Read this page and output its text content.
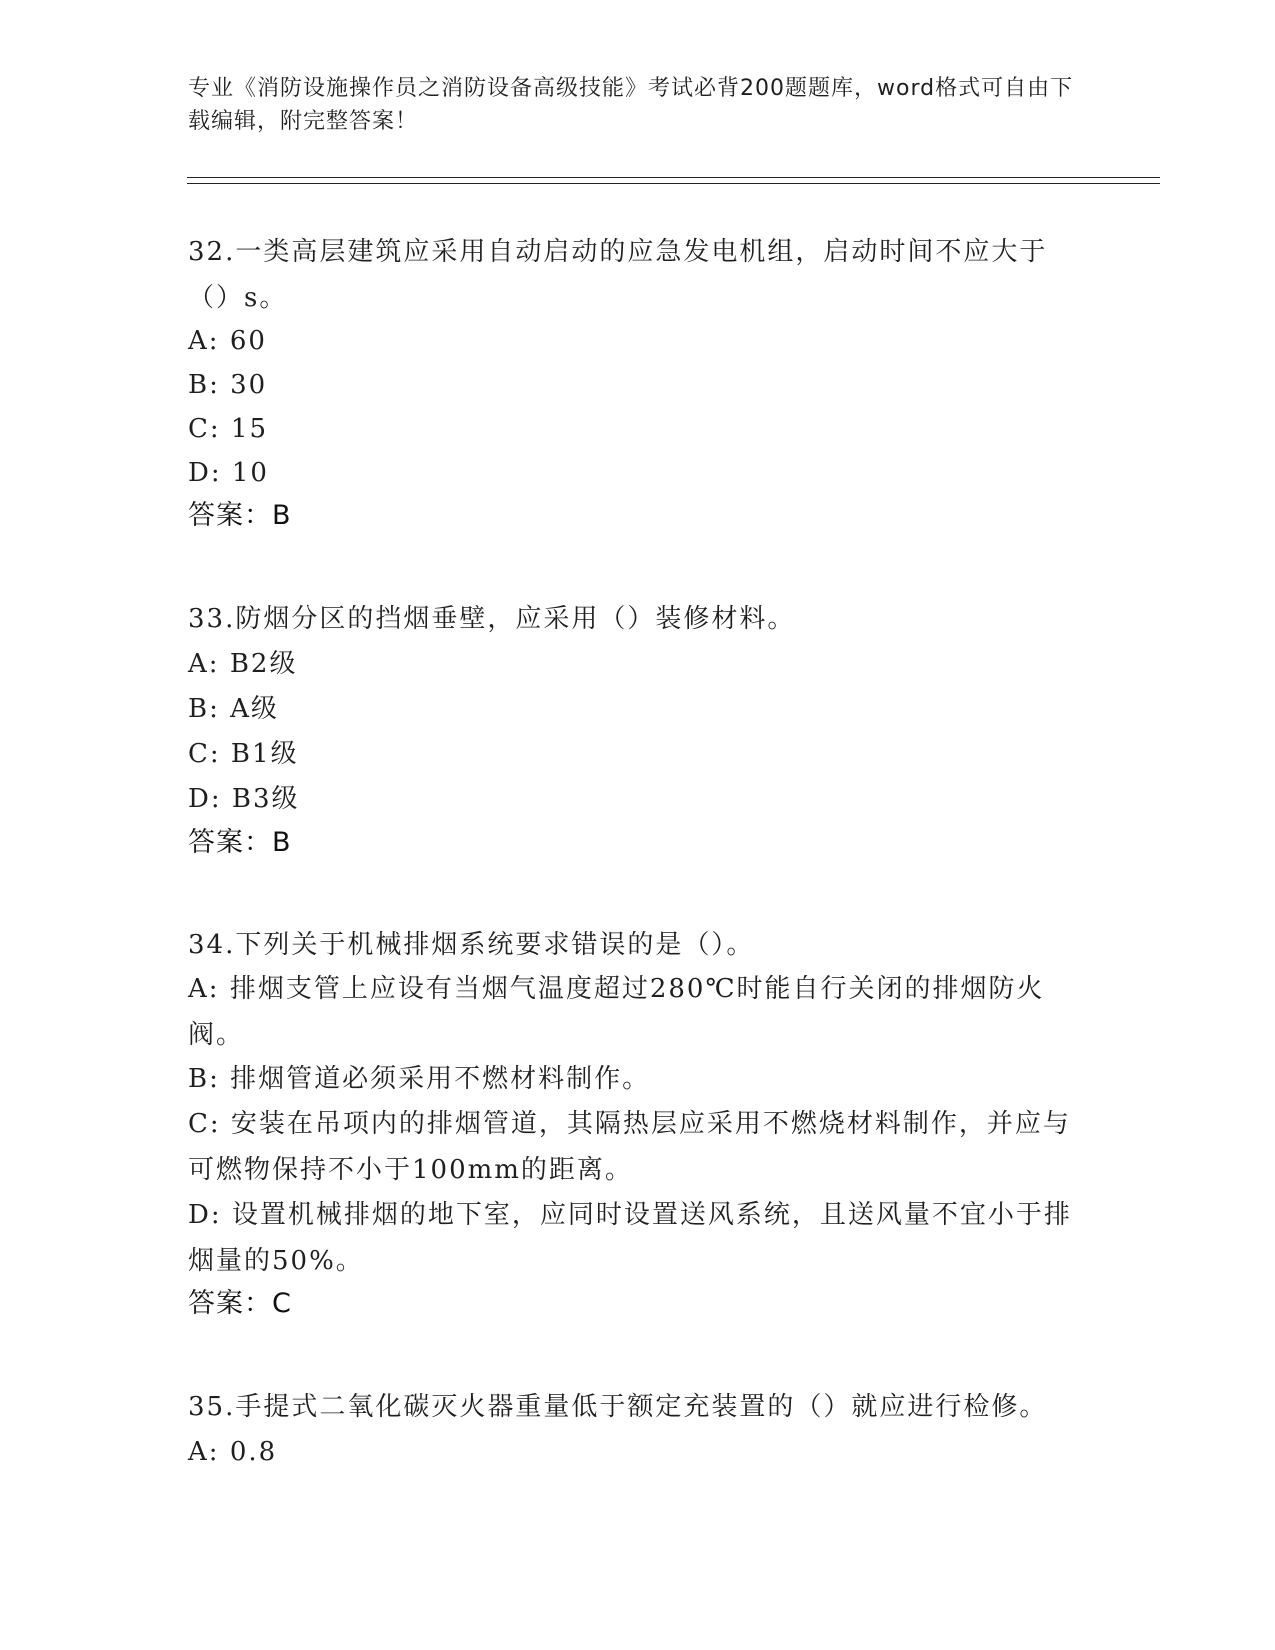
专业《消防设施操作员之消防设备高级技能》考试必背200题题库，word格式可自由下载编辑，附完整答案！

32.一类高层建筑应采用自动启动的应急发电机组，启动时间不应大于（）s。

A: 60

B: 30

C: 15

D: 10

答案：B

33.防烟分区的挡烟垂壁，应采用（）装修材料。

A: B2级

B: A级

C: B1级

D: B3级

答案：B

34.下列关于机械排烟系统要求错误的是（）。

A: 排烟支管上应设有当烟气温度超过280℃时能自行关闭的排烟防火阀。

B: 排烟管道必须采用不燃材料制作。

C: 安装在吊项内的排烟管道，其隔热层应采用不燃烧材料制作，并应与可燃物保持不小于100mm的距离。

D: 设置机械排烟的地下室，应同时设置送风系统，且送风量不宜小于排烟量的50%。

答案：C

35.手提式二氧化碳灭火器重量低于额定充装置的（）就应进行检修。

A: 0.8
